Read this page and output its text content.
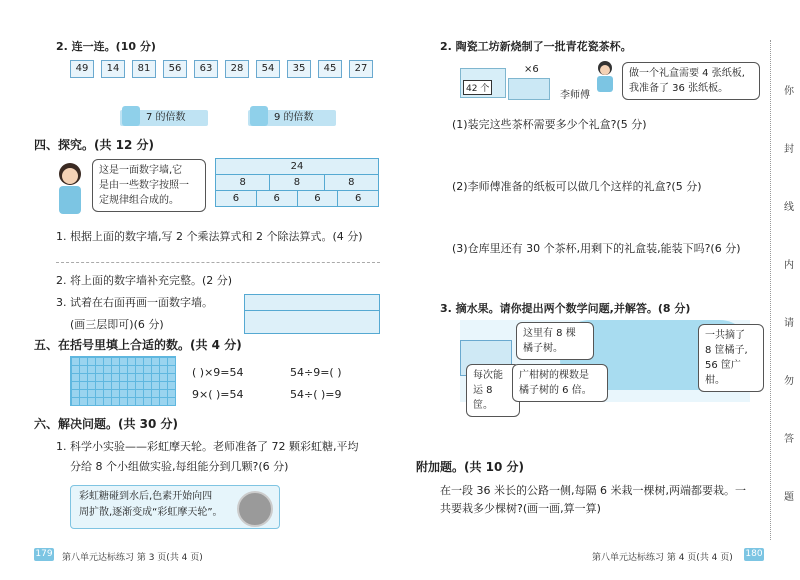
2. 连一连。(10 分)
49	14	81	56	63	28	54	35	45	27
7 的倍数	9 的倍数
四、探究。(共 12 分)
这是一面数字墙,它
是由一些数字按照一
定规律组合成的。
24
8	8	8
6	6	6	6
1. 根据上面的数字墙,写 2 个乘法算式和 2 个除法算式。(4 分)
2. 将上面的数字墙补充完整。(2 分)
3. 试着在右面再画一面数字墙。
(画三层即可)(6 分)
五、在括号里填上合适的数。(共 4 分)
( )×9=54	54÷9=( )
9×( )=54	54÷( )=9
六、解决问题。(共 30 分)
1. 科学小实验——彩虹摩天轮。老师准备了 72 颗彩虹糖,平均
分给 8 个小组做实验,每组能分到几颗?(6 分)
彩虹糖碰到水后,色素开始向四
周扩散,逐渐变成“彩虹摩天轮”。
179 第八单元达标练习 第 3 页(共 4 页)
2. 陶瓷工坊新烧制了一批青花瓷茶杯。
42 个
×6
李师傅
做一个礼盒需要 4 张纸板,
我准备了 36 张纸板。
(1)装完这些茶杯需要多少个礼盒?(5 分)
(2)李师傅准备的纸板可以做几个这样的礼盒?(5 分)
(3)仓库里还有 30 个茶杯,用剩下的礼盒装,能装下吗?(6 分)
3. 摘水果。请你提出两个数学问题,并解答。(8 分)
这里有 8 棵
橘子树。
一共摘了
8 筐橘子,
56 筐广柑。
每次能
运 8 筐。
广柑树的棵数是
橘子树的 6 倍。
附加题。(共 10 分)
在一段 36 米长的公路一侧,每隔 6 米栽一棵树,两端都要栽。一
共要栽多少棵树?(画一画,算一算)
第八单元达标练习 第 4 页(共 4 页) 180
你
封
线
内
请
勿
答
题
